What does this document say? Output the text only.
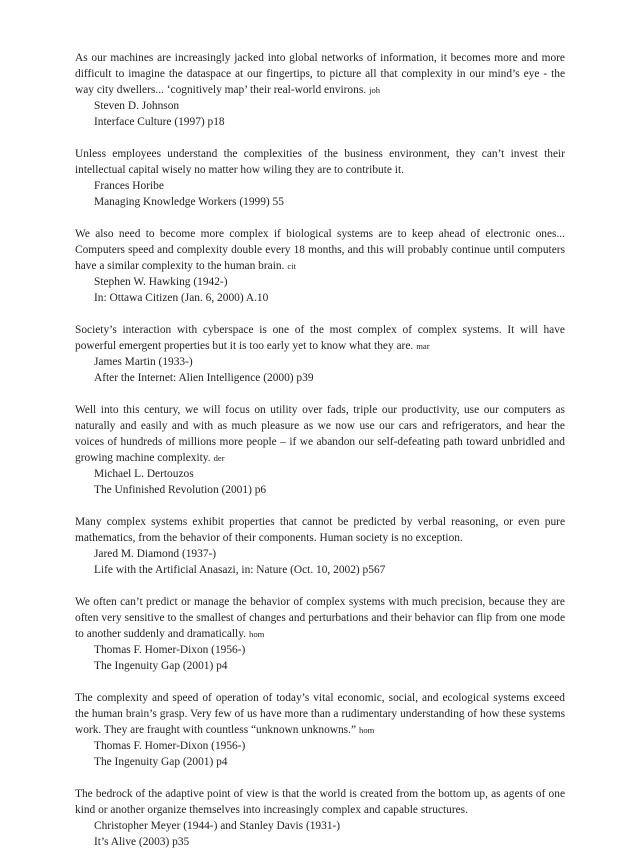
As our machines are increasingly jacked into global networks of information, it becomes more and more difficult to imagine the dataspace at our fingertips, to picture all that complexity in our mind’s eye - the way city dwellers... ‘cognitively map’ their real-world environs. joh
Steven D. Johnson
Interface Culture (1997) p18
Unless employees understand the complexities of the business environment, they can’t invest their intellectual capital wisely no matter how wiling they are to contribute it.
Frances Horibe
Managing Knowledge Workers (1999) 55
We also need to become more complex if biological systems are to keep ahead of electronic ones... Computers speed and complexity double every 18 months, and this will probably continue until computers have a similar complexity to the human brain. cit
Stephen W. Hawking (1942-)
In: Ottawa Citizen (Jan. 6, 2000) A.10
Society’s interaction with cyberspace is one of the most complex of complex systems. It will have powerful emergent properties but it is too early yet to know what they are. mar
James Martin (1933-)
After the Internet: Alien Intelligence (2000) p39
Well into this century, we will focus on utility over fads, triple our productivity, use our computers as naturally and easily and with as much pleasure as we now use our cars and refrigerators, and hear the voices of hundreds of millions more people – if we abandon our self-defeating path toward unbridled and growing machine complexity. der
Michael L. Dertouzos
The Unfinished Revolution (2001) p6
Many complex systems exhibit properties that cannot be predicted by verbal reasoning, or even pure mathematics, from the behavior of their components. Human society is no exception.
Jared M. Diamond (1937-)
Life with the Artificial Anasazi, in: Nature (Oct. 10, 2002) p567
We often can’t predict or manage the behavior of complex systems with much precision, because they are often very sensitive to the smallest of changes and perturbations and their behavior can flip from one mode to another suddenly and dramatically. hom
Thomas F. Homer-Dixon (1956-)
The Ingenuity Gap (2001) p4
The complexity and speed of operation of today’s vital economic, social, and ecological systems exceed the human brain’s grasp. Very few of us have more than a rudimentary understanding of how these systems work. They are fraught with countless “unknown unknowns.” hom
Thomas F. Homer-Dixon (1956-)
The Ingenuity Gap (2001) p4
The bedrock of the adaptive point of view is that the world is created from the bottom up, as agents of one kind or another organize themselves into increasingly complex and capable structures.
Christopher Meyer (1944-) and Stanley Davis (1931-)
It’s Alive (2003) p35
